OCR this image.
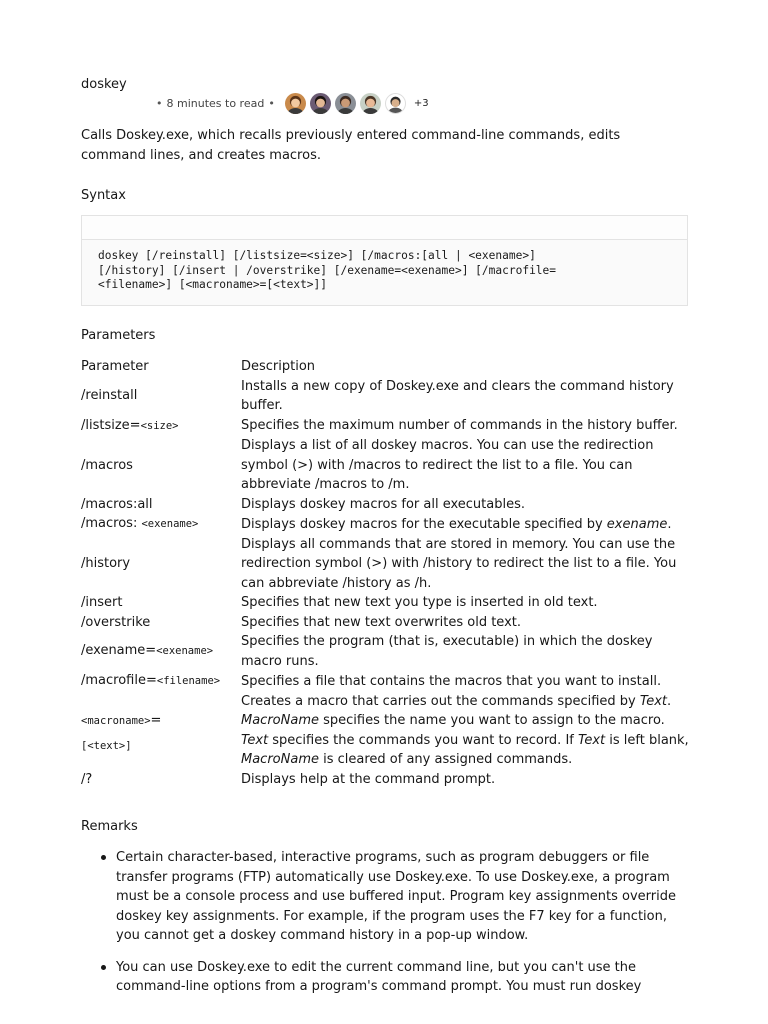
doskey
• 8 minutes to read •	+3

Calls Doskey.exe, which recalls previously entered command-line commands, edits command lines, and creates macros.

Syntax
doskey [/reinstall] [/listsize=<size>] [/macros:[all | <exename>]
[/history] [/insert | /overstrike] [/exename=<exename>] [/macrofile=
<filename>] [<macroname>=[<text>]]
Parameters
Parameter	Description
/reinstall	Installs a new copy of Doskey.exe and clears the command history buffer.
/listsize=<size>	Specifies the maximum number of commands in the history buffer.
/macros	Displays a list of all doskey macros. You can use the redirection symbol (>) with /macros to redirect the list to a file. You can abbreviate /macros to /m.
/macros:all	Displays doskey macros for all executables.
/macros: <exename>	Displays doskey macros for the executable specified by exename.
/history	Displays all commands that are stored in memory. You can use the redirection symbol (>) with /history to redirect the list to a file. You can abbreviate /history as /h.
/insert	Specifies that new text you type is inserted in old text.
/overstrike	Specifies that new text overwrites old text.
/exename=<exename>	Specifies the program (that is, executable) in which the doskey macro runs.
/macrofile=<filename>	Specifies a file that contains the macros that you want to install.

<macroname>=
[<text>]	Creates a macro that carries out the commands specified by Text. MacroName specifies the name you want to assign to the macro. Text specifies the commands you want to record. If Text is left blank, MacroName is cleared of any assigned commands.
/?	Displays help at the command prompt.
Remarks
Certain character-based, interactive programs, such as program debuggers or file transfer programs (FTP) automatically use Doskey.exe. To use Doskey.exe, a program must be a console process and use buffered input. Program key assignments override doskey key assignments. For example, if the program uses the F7 key for a function, you cannot get a doskey command history in a pop-up window.
You can use Doskey.exe to edit the current command line, but you can't use the command-line options from a program's command prompt. You must run doskey
